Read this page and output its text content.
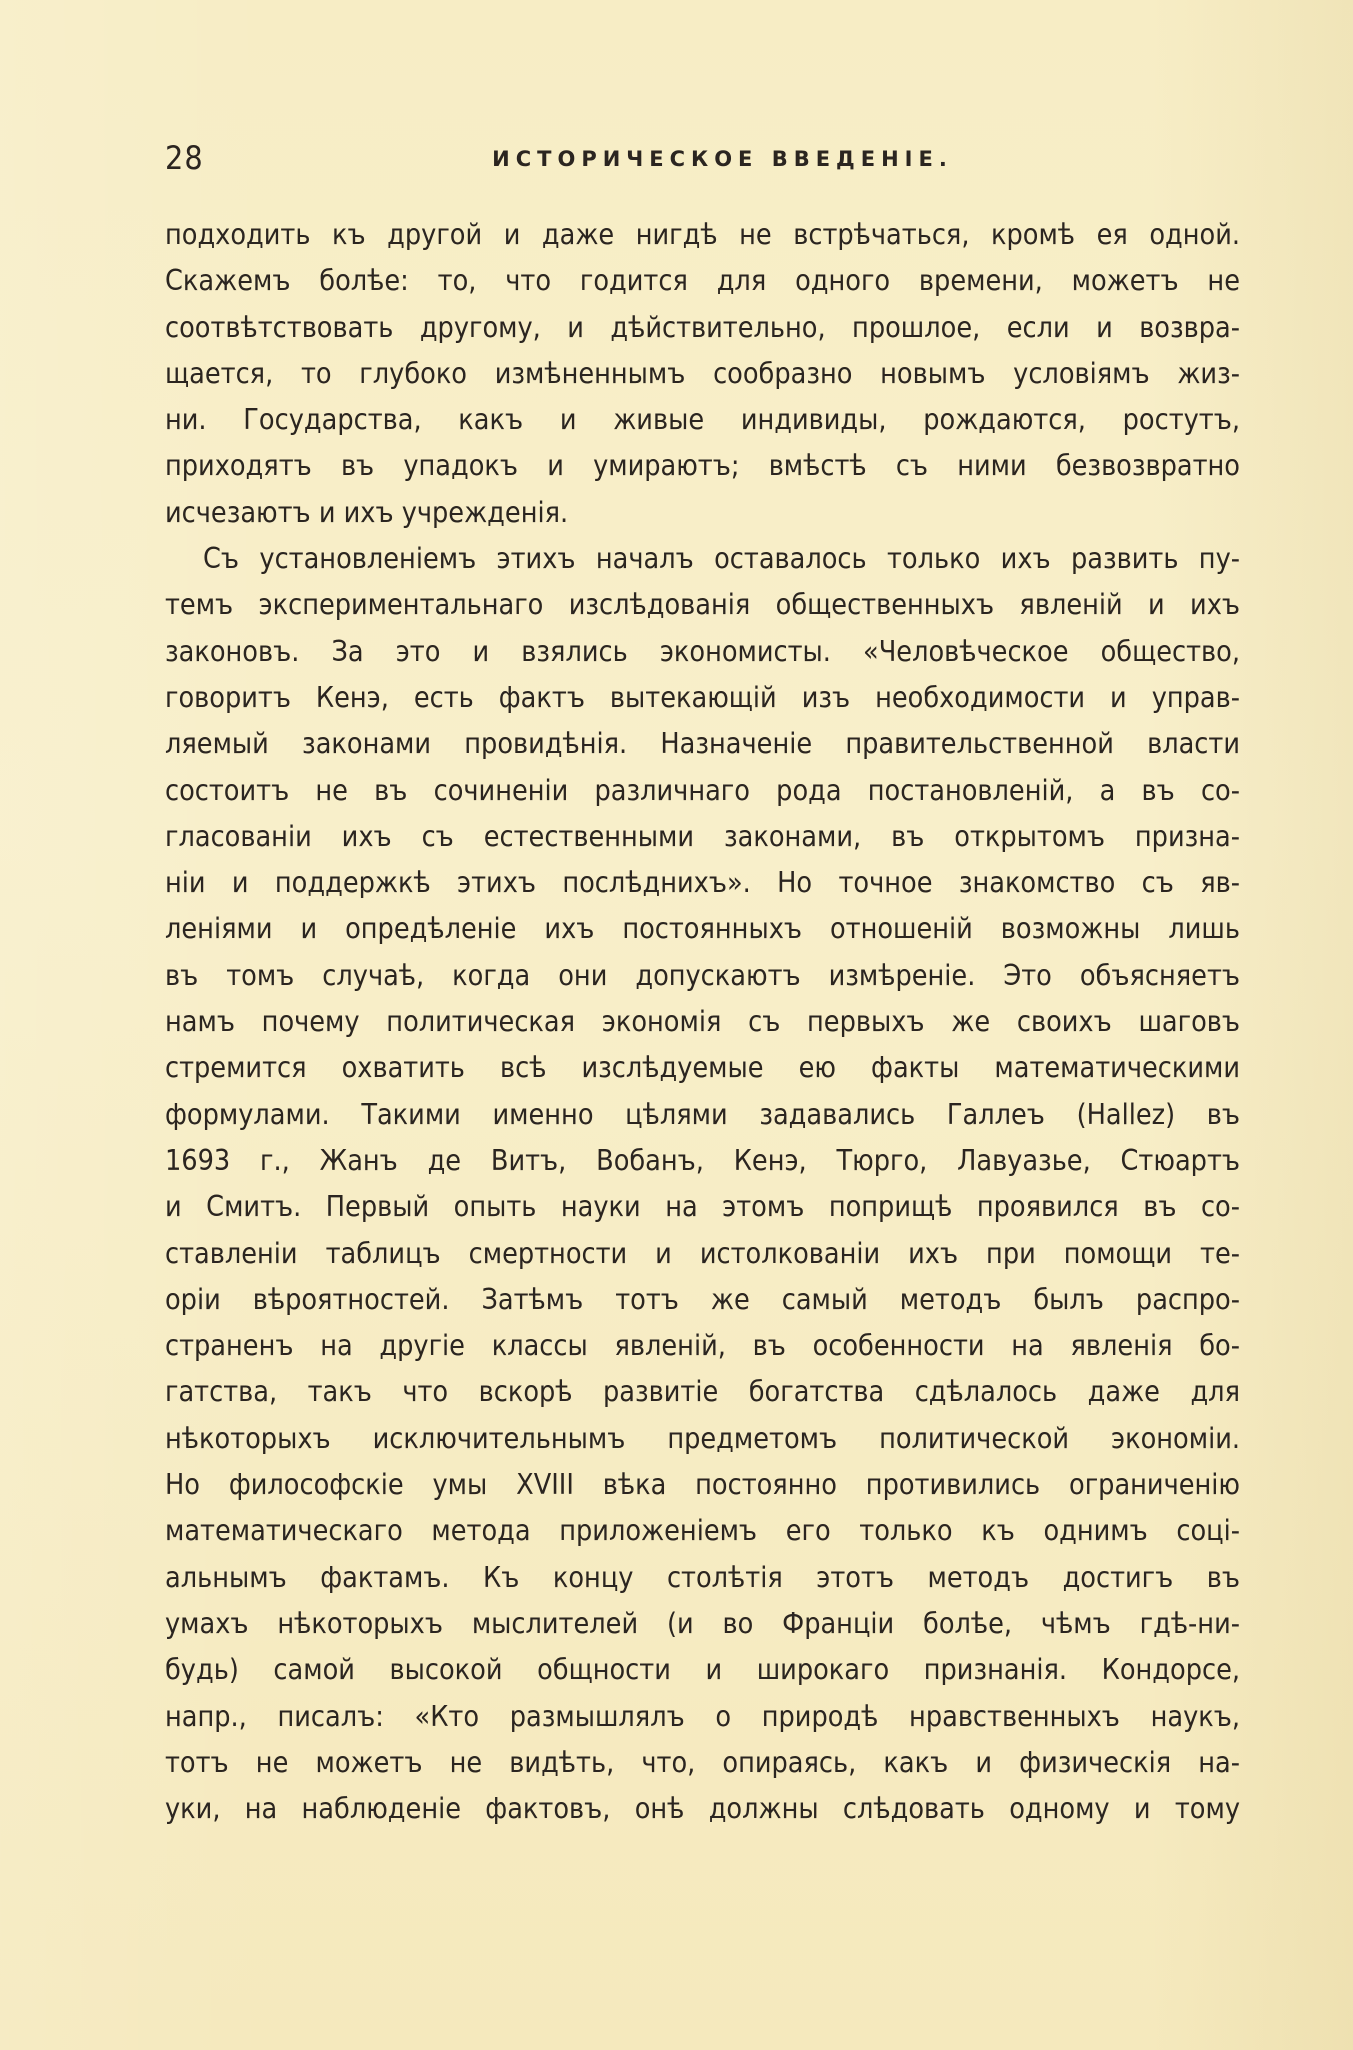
28	ИСТОРИЧЕСКОЕ ВВЕДЕНІЕ.
подходить къ другой и даже нигдѣ не встрѣчаться, кромѣ ея одной.
Скажемъ болѣе: то, что годится для одного времени, можетъ не
соотвѣтствовать другому, и дѣйствительно, прошлое, если и возвра-
щается, то глубоко измѣненнымъ сообразно новымъ условіямъ жиз-
ни. Государства, какъ и живые индивиды, рождаются, ростутъ,
приходятъ въ упадокъ и умираютъ; вмѣстѣ съ ними безвозвратно
исчезаютъ и ихъ учрежденія.
Съ установленіемъ этихъ началъ оставалось только ихъ развить пу-
темъ экспериментальнаго изслѣдованія общественныхъ явленій и ихъ
законовъ. За это и взялись экономисты. «Человѣческое общество,
говоритъ Кенэ, есть фактъ вытекающій изъ необходимости и управ-
ляемый законами провидѣнія. Назначеніе правительственной власти
состоитъ не въ сочиненіи различнаго рода постановленій, а въ со-
гласованіи ихъ съ естественными законами, въ открытомъ призна-
ніи и поддержкѣ этихъ послѣднихъ». Но точное знакомство съ яв-
леніями и опредѣленіе ихъ постоянныхъ отношеній возможны лишь
въ томъ случаѣ, когда они допускаютъ измѣреніе. Это объясняетъ
намъ почему политическая экономія съ первыхъ же своихъ шаговъ
стремится охватить всѣ изслѣдуемые ею факты математическими
формулами. Такими именно цѣлями задавались Галлеъ (Hallez) въ
1693 г., Жанъ де Витъ, Вобанъ, Кенэ, Тюрго, Лавуазье, Стюартъ
и Смитъ. Первый опыть науки на этомъ поприщѣ проявился въ со-
ставленіи таблицъ смертности и истолкованіи ихъ при помощи те-
оріи вѣроятностей. Затѣмъ тотъ же самый методъ былъ распро-
страненъ на другіе классы явленій, въ особенности на явленія бо-
гатства, такъ что вскорѣ развитіе богатства сдѣлалось даже для
нѣкоторыхъ исключительнымъ предметомъ политической экономіи.
Но философскіе умы XVIII вѣка постоянно противились ограниченію
математическаго метода приложеніемъ его только къ однимъ соці-
альнымъ фактамъ. Къ концу столѣтія этотъ методъ достигъ въ
умахъ нѣкоторыхъ мыслителей (и во Франціи болѣе, чѣмъ гдѣ-ни-
будь) самой высокой общности и широкаго признанія. Кондорсе,
напр., писалъ: «Кто размышлялъ о природѣ нравственныхъ наукъ,
тотъ не можетъ не видѣть, что, опираясь, какъ и физическія на-
уки, на наблюденіе фактовъ, онѣ должны слѣдовать одному и тому
